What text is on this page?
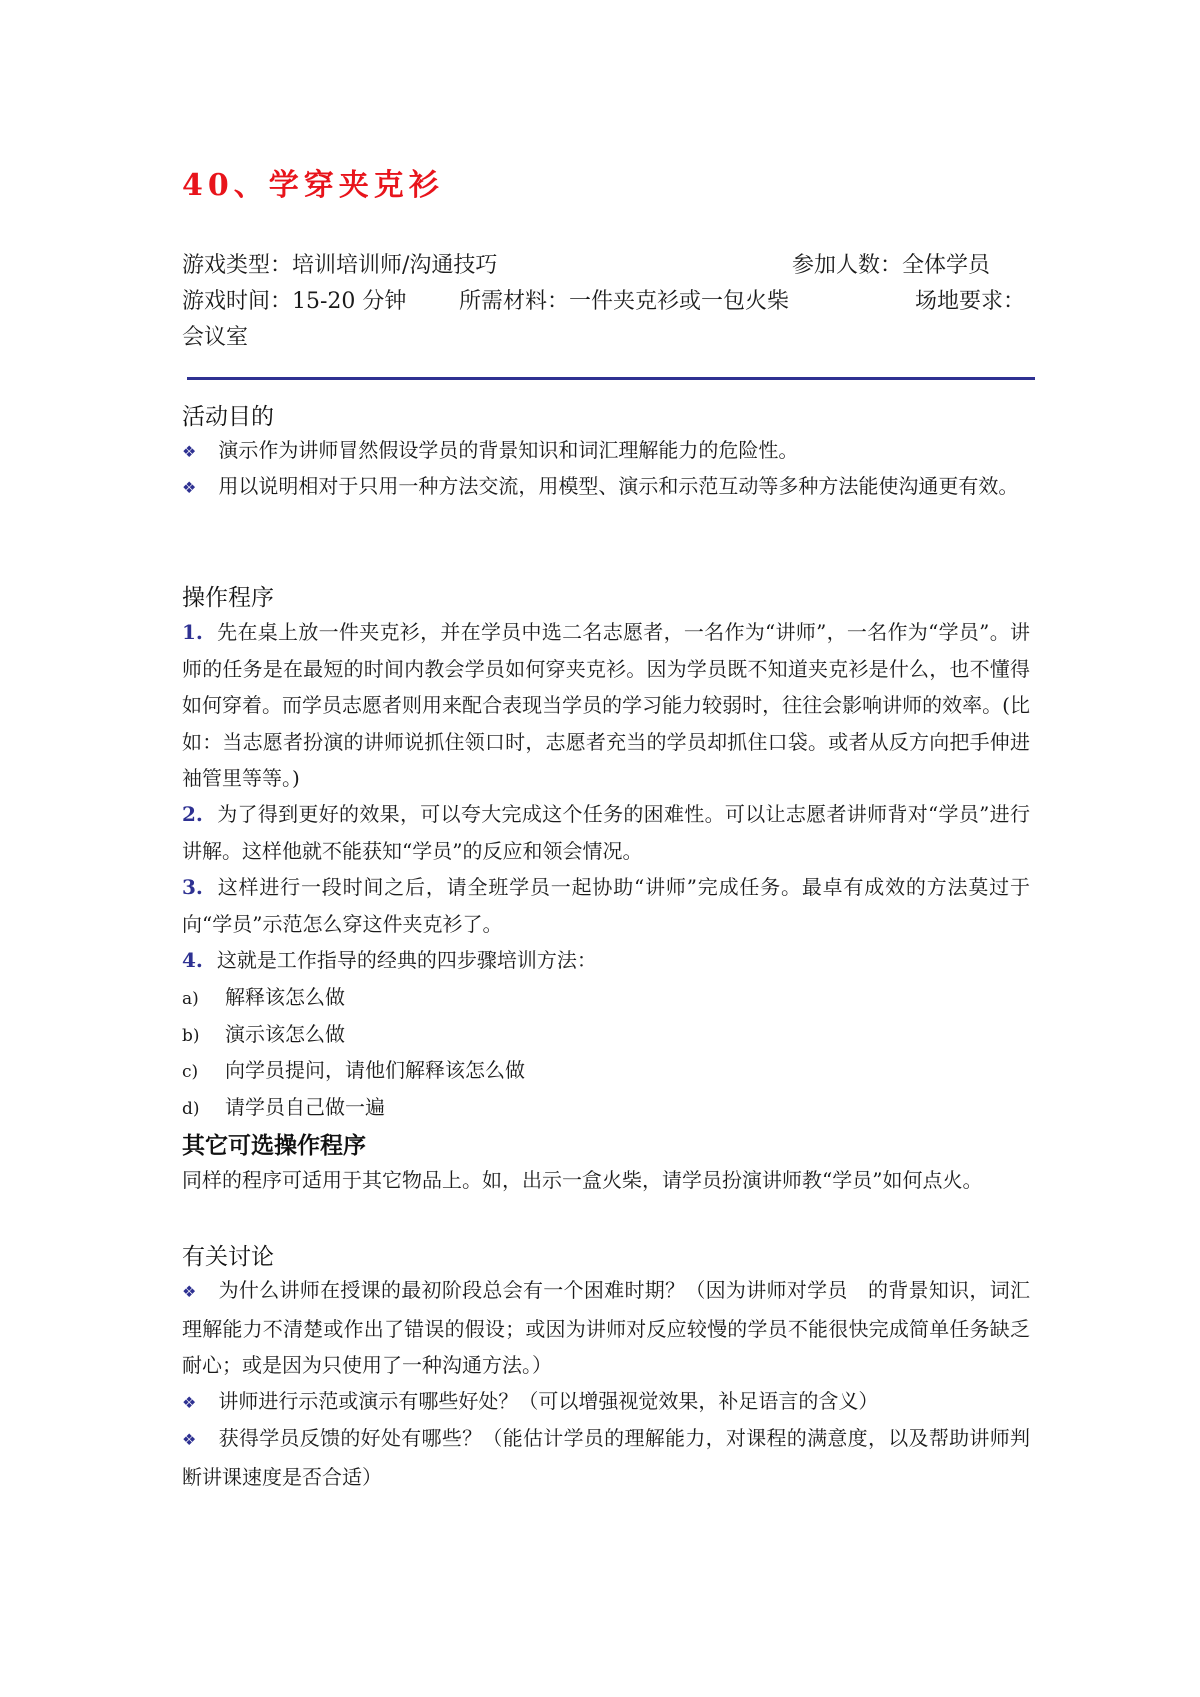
40、学穿夹克衫
游戏类型：培训培训师/沟通技巧	参加人数：全体学员
游戏时间：15-20 分钟 所需材料：一件夹克衫或一包火柴	场地要求：
会议室
活动目的
❖ 演示作为讲师冒然假设学员的背景知识和词汇理解能力的危险性。
❖ 用以说明相对于只用一种方法交流，用模型、演示和示范互动等多种方法能使沟通更有效。
操作程序
1. 先在桌上放一件夹克衫，并在学员中选二名志愿者，一名作为“讲师”，一名作为“学员”。讲师的任务是在最短的时间内教会学员如何穿夹克衫。因为学员既不知道夹克衫是什么，也不懂得如何穿着。而学员志愿者则用来配合表现当学员的学习能力较弱时，往往会影响讲师的效率。(比如：当志愿者扮演的讲师说抓住领口时，志愿者充当的学员却抓住口袋。或者从反方向把手伸进袖管里等等。)
2. 为了得到更好的效果，可以夸大完成这个任务的困难性。可以让志愿者讲师背对“学员”进行讲解。这样他就不能获知“学员”的反应和领会情况。
3. 这样进行一段时间之后，请全班学员一起协助“讲师”完成任务。最卓有成效的方法莫过于向“学员”示范怎么穿这件夹克衫了。
4. 这就是工作指导的经典的四步骤培训方法：
a) 解释该怎么做
b) 演示该怎么做
c) 向学员提问，请他们解释该怎么做
d) 请学员自己做一遍
其它可选操作程序
同样的程序可适用于其它物品上。如，出示一盒火柴，请学员扮演讲师教“学员”如何点火。
有关讨论
❖ 为什么讲师在授课的最初阶段总会有一个困难时期？（因为讲师对学员　的背景知识，词汇理解能力不清楚或作出了错误的假设；或因为讲师对反应较慢的学员不能很快完成简单任务缺乏耐心；或是因为只使用了一种沟通方法。）
❖ 讲师进行示范或演示有哪些好处？（可以增强视觉效果，补足语言的含义）
❖ 获得学员反馈的好处有哪些？（能估计学员的理解能力，对课程的满意度，以及帮助讲师判断讲课速度是否合适）
